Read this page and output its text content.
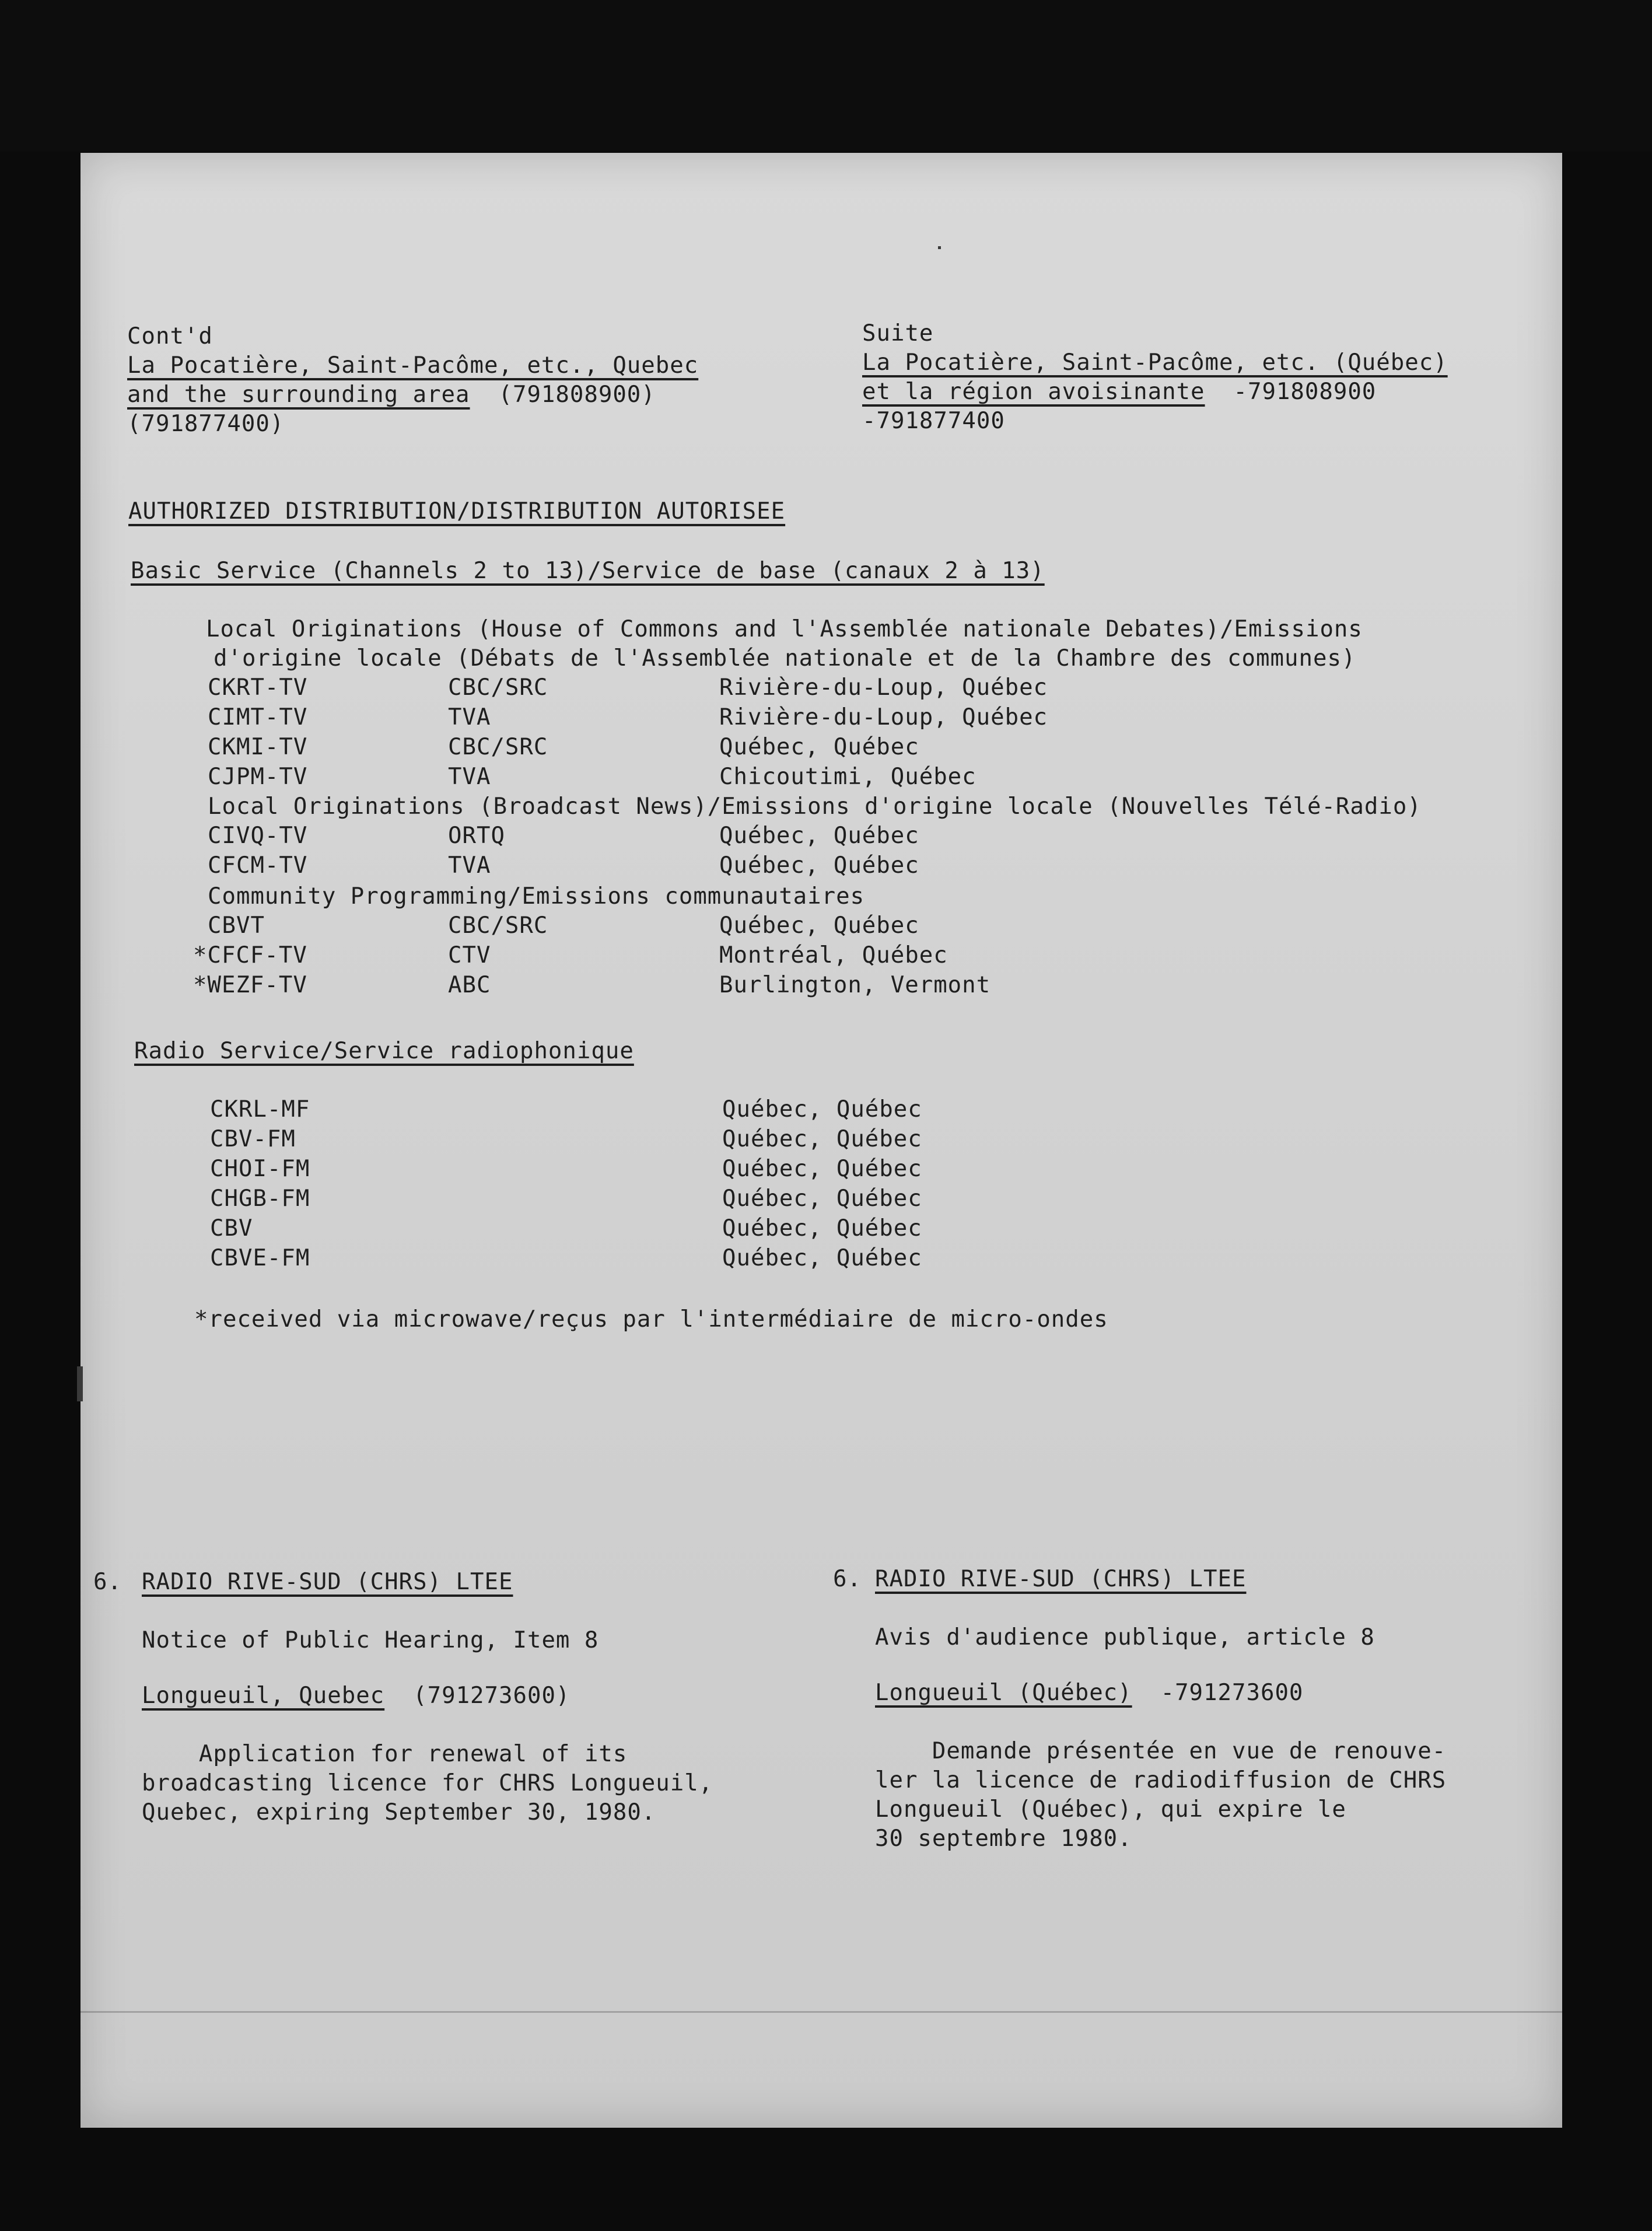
Cont'd
La Pocatière, Saint-Pacôme, etc., Quebec
and the surrounding area  (791808900)
(791877400)
Suite
La Pocatière, Saint-Pacôme, etc. (Québec)
et la région avoisinante  -791808900
-791877400
AUTHORIZED DISTRIBUTION/DISTRIBUTION AUTORISEE
Basic Service (Channels 2 to 13)/Service de base (canaux 2 à 13)
Local Originations (House of Commons and l'Assemblée nationale Debates)/Emissions
d'origine locale (Débats de l'Assemblée nationale et de la Chambre des communes)
CKRT-TV	CBC/SRC	Rivière-du-Loup, Québec
CIMT-TV	TVA	Rivière-du-Loup, Québec
CKMI-TV	CBC/SRC	Québec, Québec
CJPM-TV	TVA	Chicoutimi, Québec
Local Originations (Broadcast News)/Emissions d'origine locale (Nouvelles Télé-Radio)
CIVQ-TV	ORTQ	Québec, Québec
CFCM-TV	TVA	Québec, Québec
Community Programming/Emissions communautaires
CBVT	CBC/SRC	Québec, Québec
*CFCF-TV	CTV	Montréal, Québec
*WEZF-TV	ABC	Burlington, Vermont
Radio Service/Service radiophonique
CKRL-MF	Québec, Québec
CBV-FM	Québec, Québec
CHOI-FM	Québec, Québec
CHGB-FM	Québec, Québec
CBV	Québec, Québec
CBVE-FM	Québec, Québec
*received via microwave/reçus par l'intermédiaire de micro-ondes
6. RADIO RIVE-SUD (CHRS) LTEE
Notice of Public Hearing, Item 8
Longueuil, Quebec  (791273600)
Application for renewal of its
broadcasting licence for CHRS Longueuil,
Quebec, expiring September 30, 1980.
6. RADIO RIVE-SUD (CHRS) LTEE
Avis d'audience publique, article 8
Longueuil (Québec)  -791273600
Demande présentée en vue de renouve-
ler la licence de radiodiffusion de CHRS
Longueuil (Québec), qui expire le
30 septembre 1980.
